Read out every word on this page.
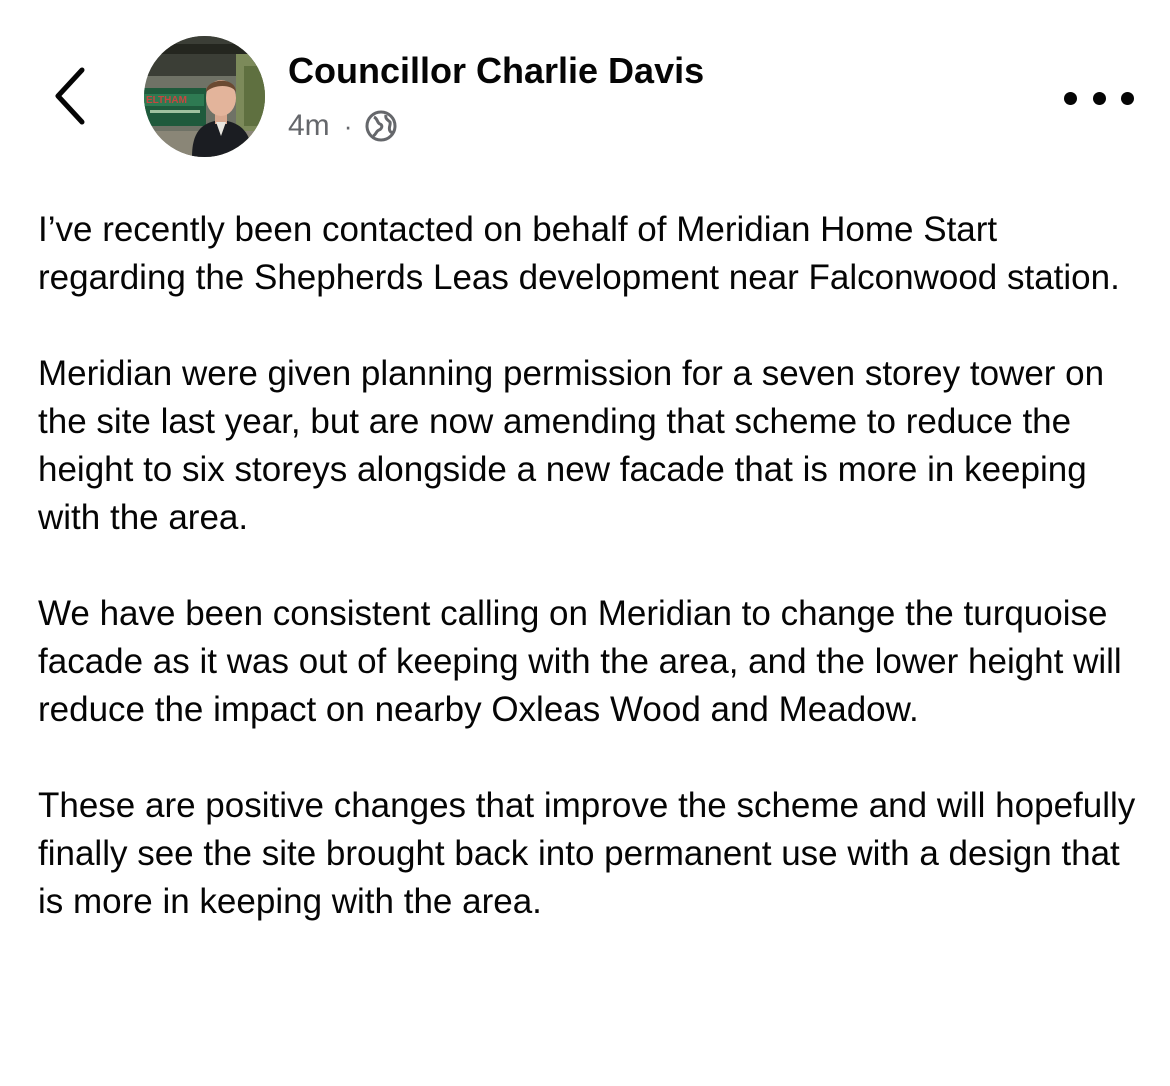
ELTHAM
Councillor Charlie Davis
4m ·

I’ve recently been contacted on behalf of Meridian Home Start regarding the Shepherds Leas development near Falconwood station.

Meridian were given planning permission for a seven storey tower on the site last year, but are now amending that scheme to reduce the height to six storeys alongside a new facade that is more in keeping with the area.

We have been consistent calling on Meridian to change the turquoise facade as it was out of keeping with the area, and the lower height will reduce the impact on nearby Oxleas Wood and Meadow.

These are positive changes that improve the scheme and will hopefully finally see the site brought back into permanent use with a design that is more in keeping with the area.
